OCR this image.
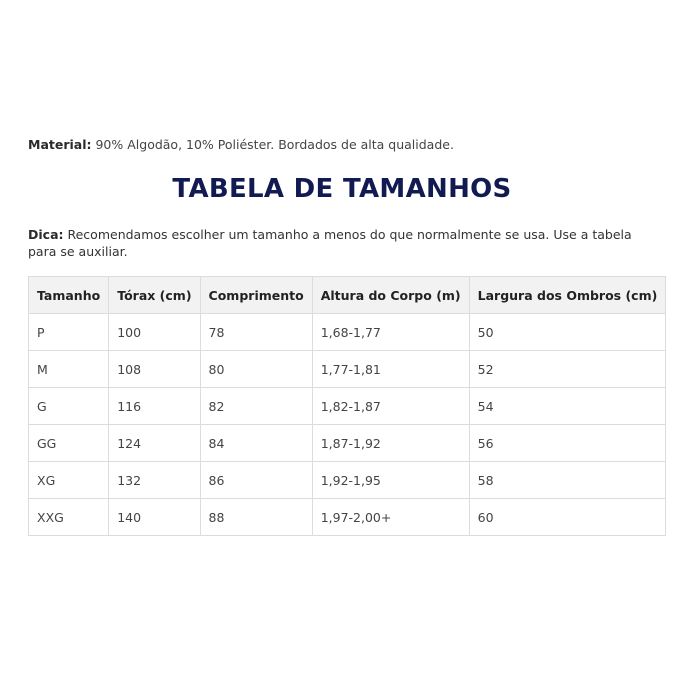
Material: 90% Algodão, 10% Poliéster. Bordados de alta qualidade.
TABELA DE TAMANHOS
Dica: Recomendamos escolher um tamanho a menos do que normalmente se usa. Use a tabela para se auxiliar.
Tamanho	Tórax (cm)	Comprimento	Altura do Corpo (m)	Largura dos Ombros (cm)
P	100	78	1,68-1,77	50
M	108	80	1,77-1,81	52
G	116	82	1,82-1,87	54
GG	124	84	1,87-1,92	56
XG	132	86	1,92-1,95	58
XXG	140	88	1,97-2,00+	60
